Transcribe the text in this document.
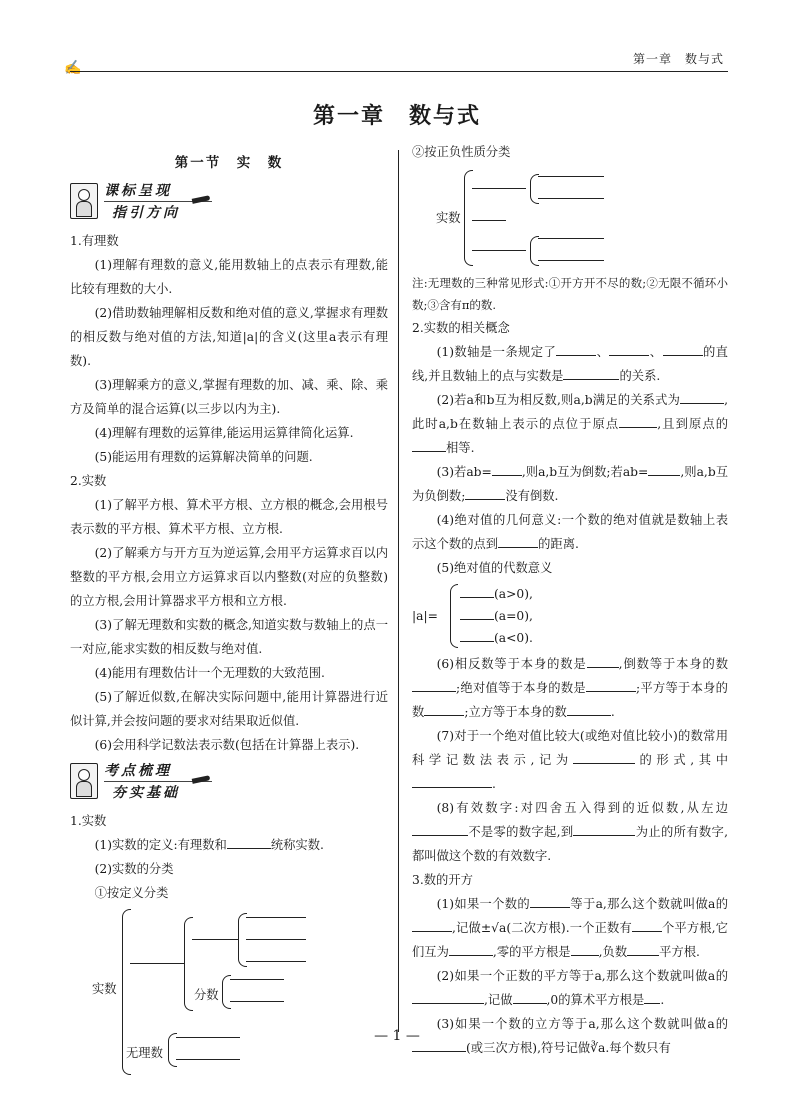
✍
第一章　数与式
第一章　数与式
第一节　实　数
课标呈现
指引方向

1.有理数

(1)理解有理数的意义,能用数轴上的点表示有理数,能比较有理数的大小.

(2)借助数轴理解相反数和绝对值的意义,掌握求有理数的相反数与绝对值的方法,知道|a|的含义(这里a表示有理数).

(3)理解乘方的意义,掌握有理数的加、减、乘、除、乘方及简单的混合运算(以三步以内为主).

(4)理解有理数的运算律,能运用运算律简化运算.

(5)能运用有理数的运算解决简单的问题.

2.实数

(1)了解平方根、算术平方根、立方根的概念,会用根号表示数的平方根、算术平方根、立方根.

(2)了解乘方与开方互为逆运算,会用平方运算求百以内整数的平方根,会用立方运算求百以内整数(对应的负整数)的立方根,会用计算器求平方根和立方根.

(3)了解无理数和实数的概念,知道实数与数轴上的点一一对应,能求实数的相反数与绝对值.

(4)能用有理数估计一个无理数的大致范围.

(5)了解近似数,在解决实际问题中,能用计算器进行近似计算,并会按问题的要求对结果取近似值.

(6)会用科学记数法表示数(包括在计算器上表示).

考点梳理
夯实基础

1.实数

(1)实数的定义:有理数和	统称实数.

(2)实数的分类

①按定义分类

实数	分数
无理数

②按正负性质分类

实数

注:无理数的三种常见形式:①开方开不尽的数;②无限不循环小数;③含有π的数.

2.实数的相关概念

(1)数轴是一条规定了	、	、	的直线,并且数轴上的点与实数是	的关系.

(2)若a和b互为相反数,则a,b满足的关系式为	,此时a,b在数轴上表示的点位于原点	,且到原点的相等.

(3)若ab= ,则a,b互为倒数;若ab=	,则a,b互为负倒数;	没有倒数.

(4)绝对值的几何意义:一个数的绝对值就是数轴上表示这个数的点到	的距离.

(5)绝对值的代数意义

|a|=
(a>0),
(a=0),
(a<0).

(6)相反数等于本身的数是	,倒数等于本身的数;绝对值等于本身的数是	;平方等于本身的数	;立方等于本身的数	.

(7)对于一个绝对值比较大(或绝对值比较小)的数常用科学记数法表示,记为	的形式,其中.

(8)有效数字:对四舍五入得到的近似数,从左边不是零的数字起,到	为止的所有数字,都叫做这个数的有效数字.

3.数的开方

(1)如果一个数的	等于a,那么这个数就叫做a的,记做±√a(二次方根).一个正数有 个平方根,它们互为	,零的平方根是 ,负数	平方根.

(2)如果一个正数的平方等于a,那么这个数就叫做a的,记做	,0的算术平方根是 .

(3)如果一个数的立方等于a,那么这个数就叫做a的(或三次方根),符号记做∛a.每个数只有

— 1 —
